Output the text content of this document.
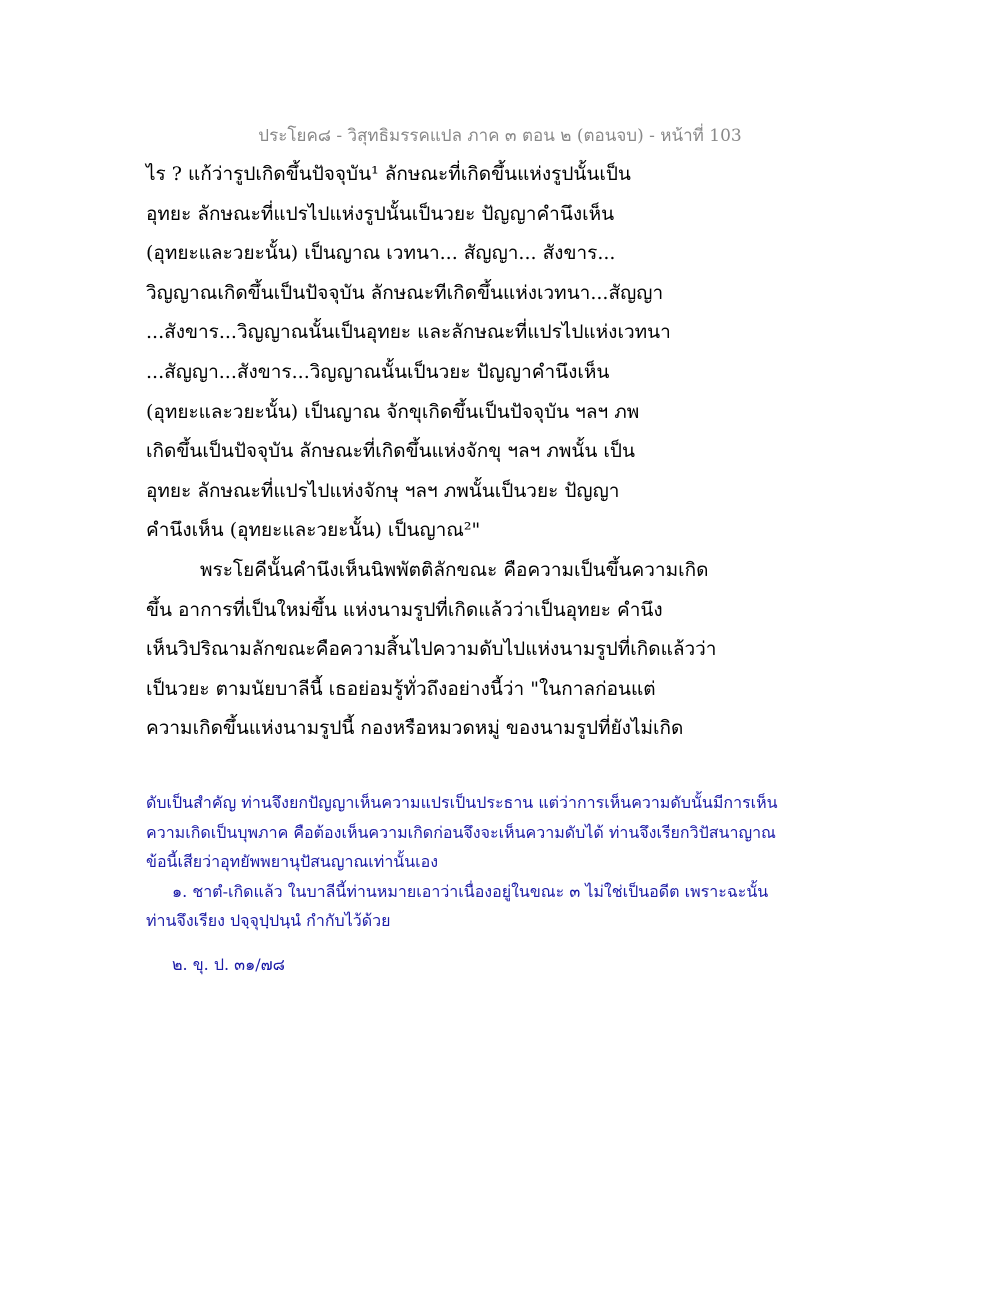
ประโยค๘ - วิสุทธิมรรคแปล ภาค ๓ ตอน ๒ (ตอนจบ) - หน้าที่ 103
ไร ? แก้ว่ารูปเกิดขึ้นปัจจุบัน¹ ลักษณะที่เกิดขึ้นแห่งรูปนั้นเป็น
อุทยะ ลักษณะที่แปรไปแห่งรูปนั้นเป็นวยะ ปัญญาคำนึงเห็น
(อุทยะและวยะนั้น) เป็นญาณ เวทนา... สัญญา... สังขาร...
วิญญาณเกิดขึ้นเป็นปัจจุบัน ลักษณะทีเกิดขึ้นแห่งเวทนา...สัญญา
...สังขาร...วิญญาณนั้นเป็นอุทยะ และลักษณะที่แปรไปแห่งเวทนา
...สัญญา...สังขาร...วิญญาณนั้นเป็นวยะ ปัญญาคำนึงเห็น
(อุทยะและวยะนั้น) เป็นญาณ จักขุเกิดขึ้นเป็นปัจจุบัน ฯลฯ ภพ
เกิดขึ้นเป็นปัจจุบัน ลักษณะที่เกิดขึ้นแห่งจักขุ ฯลฯ ภพนั้น เป็น
อุทยะ ลักษณะที่แปรไปแห่งจักษุ ฯลฯ ภพนั้นเป็นวยะ ปัญญา
คำนึงเห็น (อุทยะและวยะนั้น) เป็นญาณ²"
พระโยคีนั้นคำนึงเห็นนิพพัตติลักขณะ คือความเป็นขึ้นความเกิด
ขึ้น อาการที่เป็นใหม่ขึ้น แห่งนามรูปที่เกิดแล้วว่าเป็นอุทยะ คำนึง
เห็นวิปริณามลักขณะคือความสิ้นไปความดับไปแห่งนามรูปที่เกิดแล้วว่า
เป็นวยะ ตามนัยบาลีนี้ เธอย่อมรู้ทั่วถึงอย่างนี้ว่า "ในกาลก่อนแต่
ความเกิดขึ้นแห่งนามรูปนี้ กองหรือหมวดหมู่ ของนามรูปที่ยังไม่เกิด
ดับเป็นสำคัญ ท่านจึงยกปัญญาเห็นความแปรเป็นประธาน แต่ว่าการเห็นความดับนั้นมีการเห็น
ความเกิดเป็นบุพภาค คือต้องเห็นความเกิดก่อนจึงจะเห็นความดับได้ ท่านจึงเรียกวิปัสนาญาณ
ข้อนี้เสียว่าอุทยัพพยานุปัสนญาณเท่านั้นเอง
๑. ชาตํ-เกิดแล้ว ในบาลีนี้ท่านหมายเอาว่าเนื่องอยู่ในขณะ ๓ ไม่ใช่เป็นอดีต เพราะฉะนั้น
ท่านจึงเรียง ปจฺจุปฺปนฺนํ กํากับไว้ด้วย
๒. ขุ. ป. ๓๑/๗๘
